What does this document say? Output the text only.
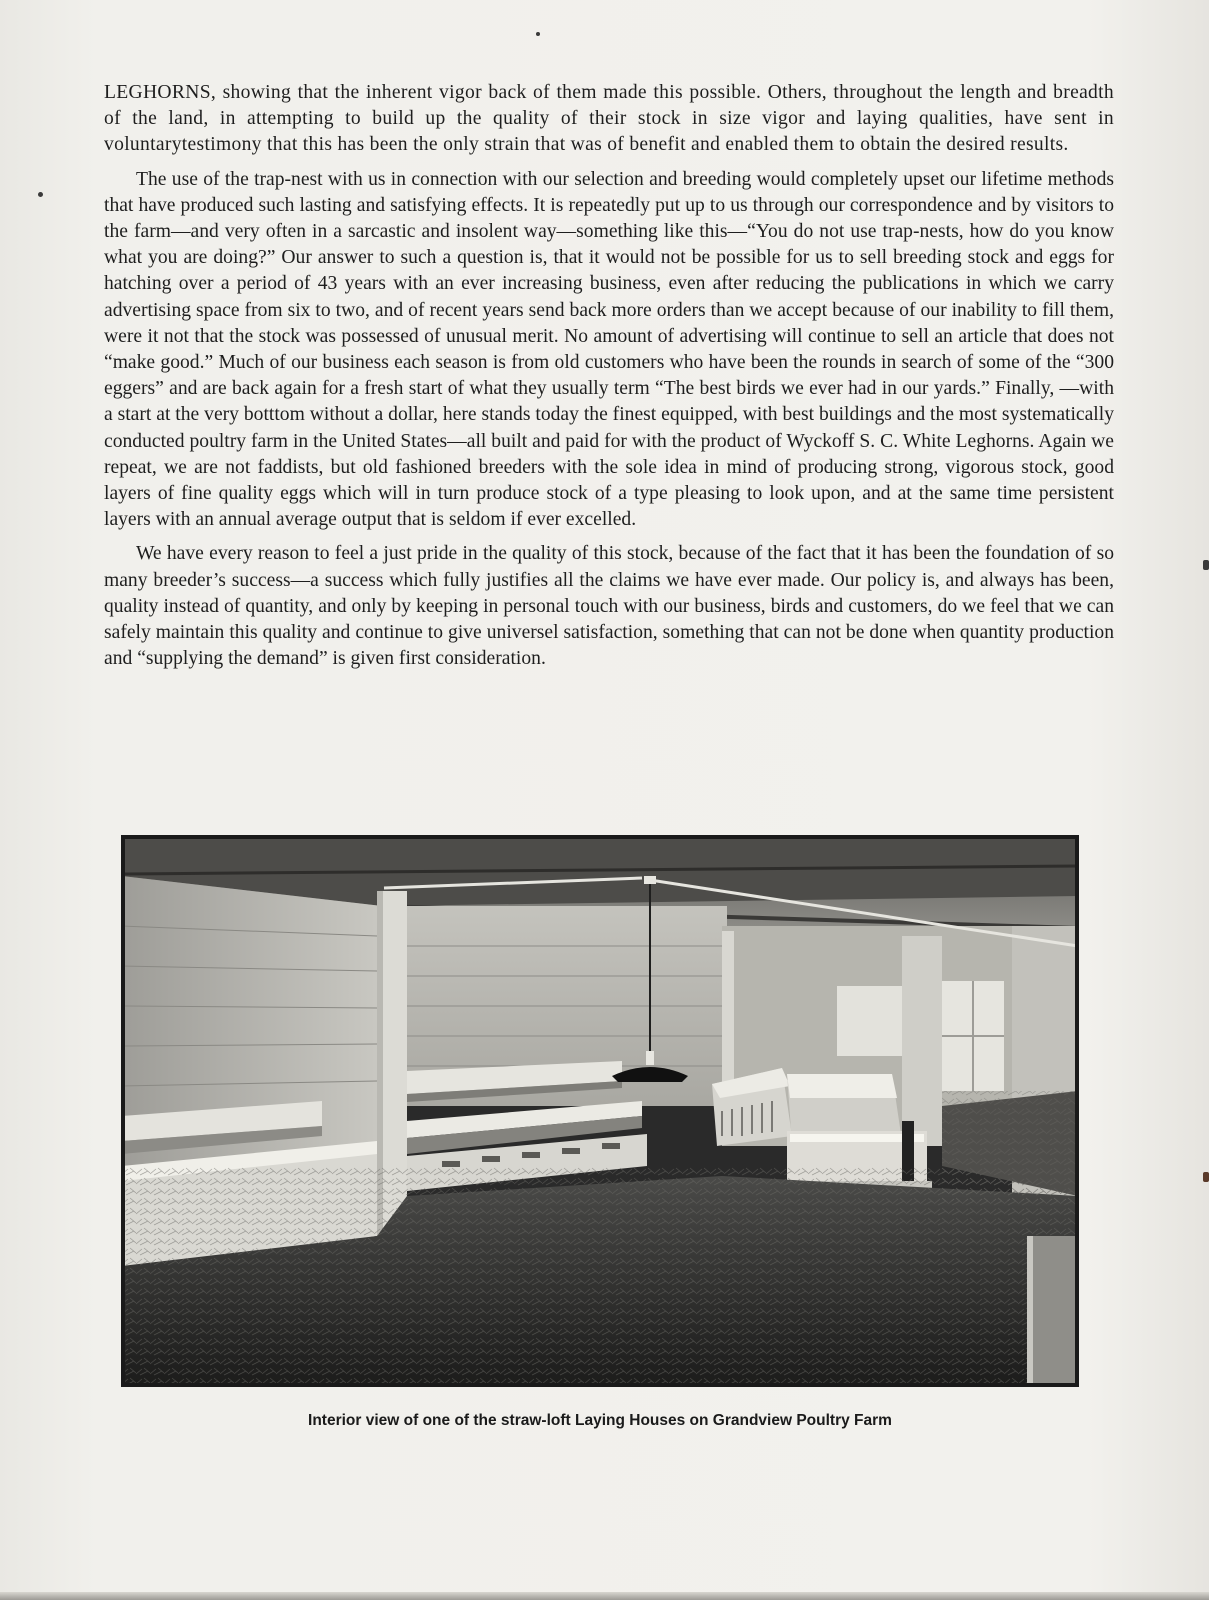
LEGHORNS, showing that the inherent vigor back of them made this possible. Others, throughout the length and breadth of the land, in attempting to build up the quality of their stock in size vigor and laying qualities, have sent in voluntarytestimony that this has been the only strain that was of benefit and enabled them to obtain the desired results.

The use of the trap-nest with us in connection with our selection and breeding would completely upset our lifetime methods that have produced such lasting and satisfying effects. It is repeatedly put up to us through our correspondence and by visitors to the farm—and very often in a sarcastic and insolent way—something like this—“You do not use trap-nests, how do you know what you are doing?” Our answer to such a question is, that it would not be possible for us to sell breeding stock and eggs for hatching over a period of 43 years with an ever increasing business, even after reducing the publications in which we carry advertising space from six to two, and of recent years send back more orders than we accept because of our inability to fill them, were it not that the stock was possessed of unusual merit. No amount of advertising will continue to sell an article that does not “make good.” Much of our business each season is from old customers who have been the rounds in search of some of the “300 eggers” and are back again for a fresh start of what they usually term “The best birds we ever had in our yards.” Finally, —with a start at the very botttom without a dollar, here stands today the finest equipped, with best buildings and the most systematically conducted poultry farm in the United States—all built and paid for with the product of Wyckoff S. C. White Leghorns. Again we repeat, we are not faddists, but old fashioned breeders with the sole idea in mind of producing strong, vigorous stock, good layers of fine quality eggs which will in turn produce stock of a type pleasing to look upon, and at the same time persistent layers with an annual average output that is seldom if ever excelled.

We have every reason to feel a just pride in the quality of this stock, because of the fact that it has been the foundation of so many breeder’s success—a success which fully justifies all the claims we have ever made. Our policy is, and always has been, quality instead of quantity, and only by keeping in personal touch with our business, birds and customers, do we feel that we can safely maintain this quality and continue to give universel satisfaction, something that can not be done when quantity production and “supplying the demand” is given first consideration.

Interior view of one of the straw-loft Laying Houses on Grandview Poultry Farm
